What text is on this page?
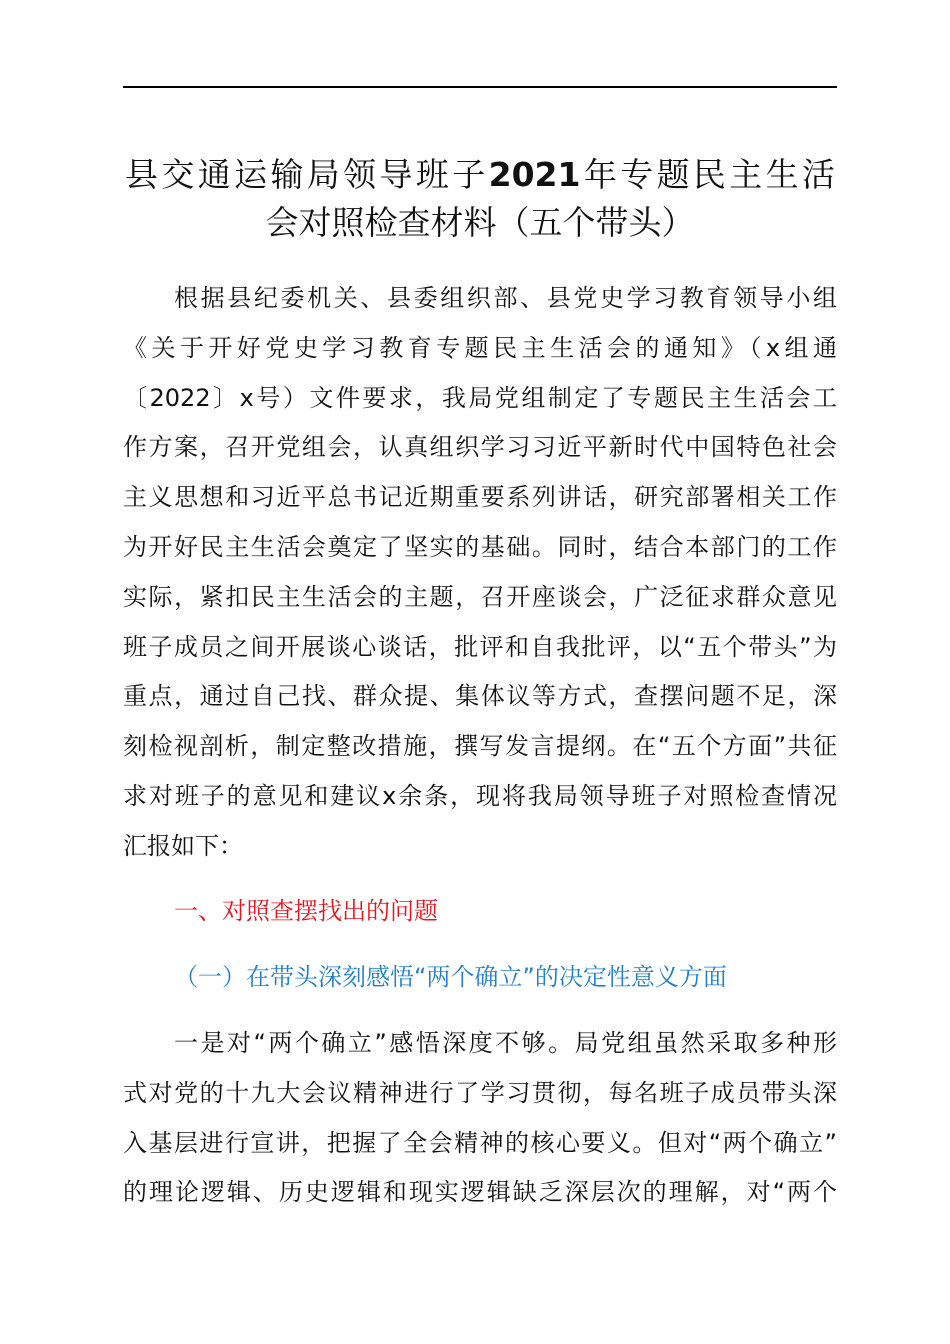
县交通运输局领导班子2021年专题民主生活
会对照检查材料（五个带头）
根据县纪委机关、县委组织部、县党史学习教育领导小组
《关于开好党史学习教育专题民主生活会的通知》（x组通
〔2022〕x号）文件要求，我局党组制定了专题民主生活会工
作方案，召开党组会，认真组织学习习近平新时代中国特色社会
主义思想和习近平总书记近期重要系列讲话，研究部署相关工作
为开好民主生活会奠定了坚实的基础。同时，结合本部门的工作
实际，紧扣民主生活会的主题，召开座谈会，广泛征求群众意见
班子成员之间开展谈心谈话，批评和自我批评，以“五个带头”为
重点，通过自己找、群众提、集体议等方式，查摆问题不足，深
刻检视剖析，制定整改措施，撰写发言提纲。在“五个方面”共征
求对班子的意见和建议x余条，现将我局领导班子对照检查情况
汇报如下：
一、对照查摆找出的问题
（一）在带头深刻感悟“两个确立”的决定性意义方面
一是对“两个确立”感悟深度不够。局党组虽然采取多种形
式对党的十九大会议精神进行了学习贯彻，每名班子成员带头深
入基层进行宣讲，把握了全会精神的核心要义。但对“两个确立”
的理论逻辑、历史逻辑和现实逻辑缺乏深层次的理解，对“两个
